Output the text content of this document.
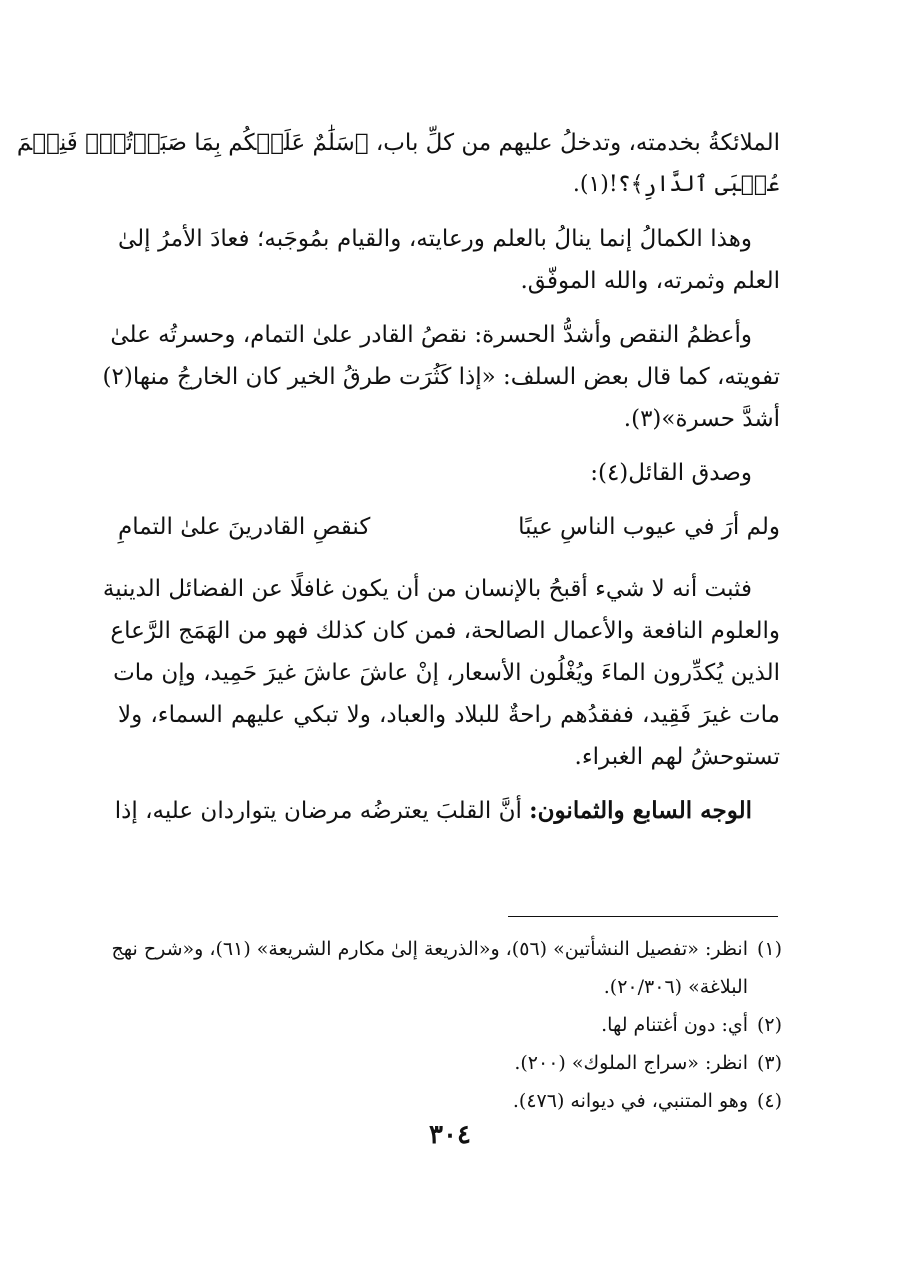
الملائكةُ بخدمته، وتدخلُ عليهم من كلِّ باب، ﴿سَلَٰمٌ عَلَيۡكُم بِمَا صَبَرۡتُمۡۚ فَنِعۡمَ
عُقۡبَى ٱلدَّارِ﴾؟!(١).

وهذا الكمالُ إنما ينالُ بالعلم ورعايته، والقيام بمُوجَبه؛ فعادَ الأمرُ إلىٰ
العلم وثمرته، والله الموفّق.

وأعظمُ النقص وأشدُّ الحسرة: نقصُ القادر علىٰ التمام، وحسرتُه علىٰ
تفويته، كما قال بعض السلف: «إذا كَثُرَت طرقُ الخير كان الخارجُ منها(٢)
أشدَّ حسرة»(٣).

وصدق القائل(٤):

ولم أرَ في عيوب الناسِ عيبًا
كنقصِ القادرينَ علىٰ التمامِ

فثبت أنه لا شيء أقبحُ بالإنسان من أن يكون غافلًا عن الفضائل الدينية
والعلوم النافعة والأعمال الصالحة، فمن كان كذلك فهو من الهَمَج الرَّعاع
الذين يُكدِّرون الماءَ ويُغْلُون الأسعار، إنْ عاشَ عاشَ غيرَ حَمِيد، وإن مات
مات غيرَ فَقِيد، ففقدُهم راحةٌ للبلاد والعباد، ولا تبكي عليهم السماء، ولا
تستوحشُ لهم الغبراء.

الوجه السابع والثمانون: أنَّ القلبَ يعترضُه مرضان يتواردان عليه، إذا

(١)انظر: «تفصيل النشأتين» (٥٦)، و«الذريعة إلىٰ مكارم الشريعة» (٦١)، و«شرح نهج
البلاغة» (٢٠/٣٠٦).
(٢)أي: دون أغتنام لها.
(٣)انظر: «سراج الملوك» (٢٠٠).
(٤)وهو المتنبي، في ديوانه (٤٧٦).
٣٠٤
